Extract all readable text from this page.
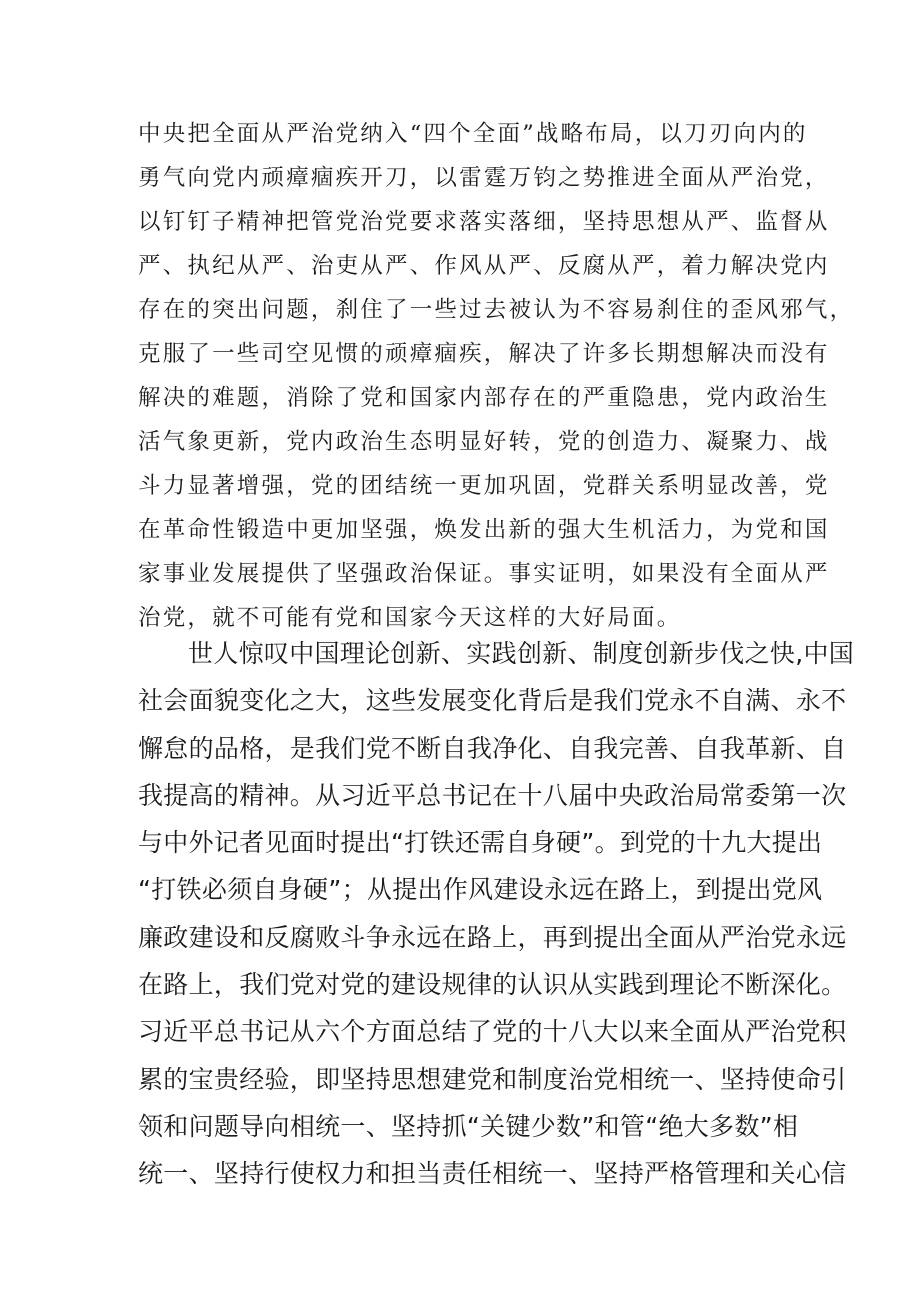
中央把全面从严治党纳入“四个全面”战略布局，以刀刃向内的
勇气向党内顽瘴痼疾开刀，以雷霆万钧之势推进全面从严治党，
以钉钉子精神把管党治党要求落实落细，坚持思想从严、监督从
严、执纪从严、治吏从严、作风从严、反腐从严，着力解决党内
存在的突出问题，刹住了一些过去被认为不容易刹住的歪风邪气，
克服了一些司空见惯的顽瘴痼疾，解决了许多长期想解决而没有
解决的难题，消除了党和国家内部存在的严重隐患，党内政治生
活气象更新，党内政治生态明显好转，党的创造力、凝聚力、战
斗力显著增强，党的团结统一更加巩固，党群关系明显改善，党
在革命性锻造中更加坚强，焕发出新的强大生机活力，为党和国
家事业发展提供了坚强政治保证。事实证明，如果没有全面从严
治党，就不可能有党和国家今天这样的大好局面。

世人惊叹中国理论创新、实践创新、制度创新步伐之快,中国
社会面貌变化之大，这些发展变化背后是我们党永不自满、永不
懈怠的品格，是我们党不断自我净化、自我完善、自我革新、自
我提高的精神。从习近平总书记在十八届中央政治局常委第一次
与中外记者见面时提出“打铁还需自身硬”。到党的十九大提出
“打铁必须自身硬”；从提出作风建设永远在路上，到提出党风
廉政建设和反腐败斗争永远在路上，再到提出全面从严治党永远
在路上，我们党对党的建设规律的认识从实践到理论不断深化。
习近平总书记从六个方面总结了党的十八大以来全面从严治党积
累的宝贵经验，即坚持思想建党和制度治党相统一、坚持使命引
领和问题导向相统一、坚持抓“关键少数”和管“绝大多数”相
统一、坚持行使权力和担当责任相统一、坚持严格管理和关心信
